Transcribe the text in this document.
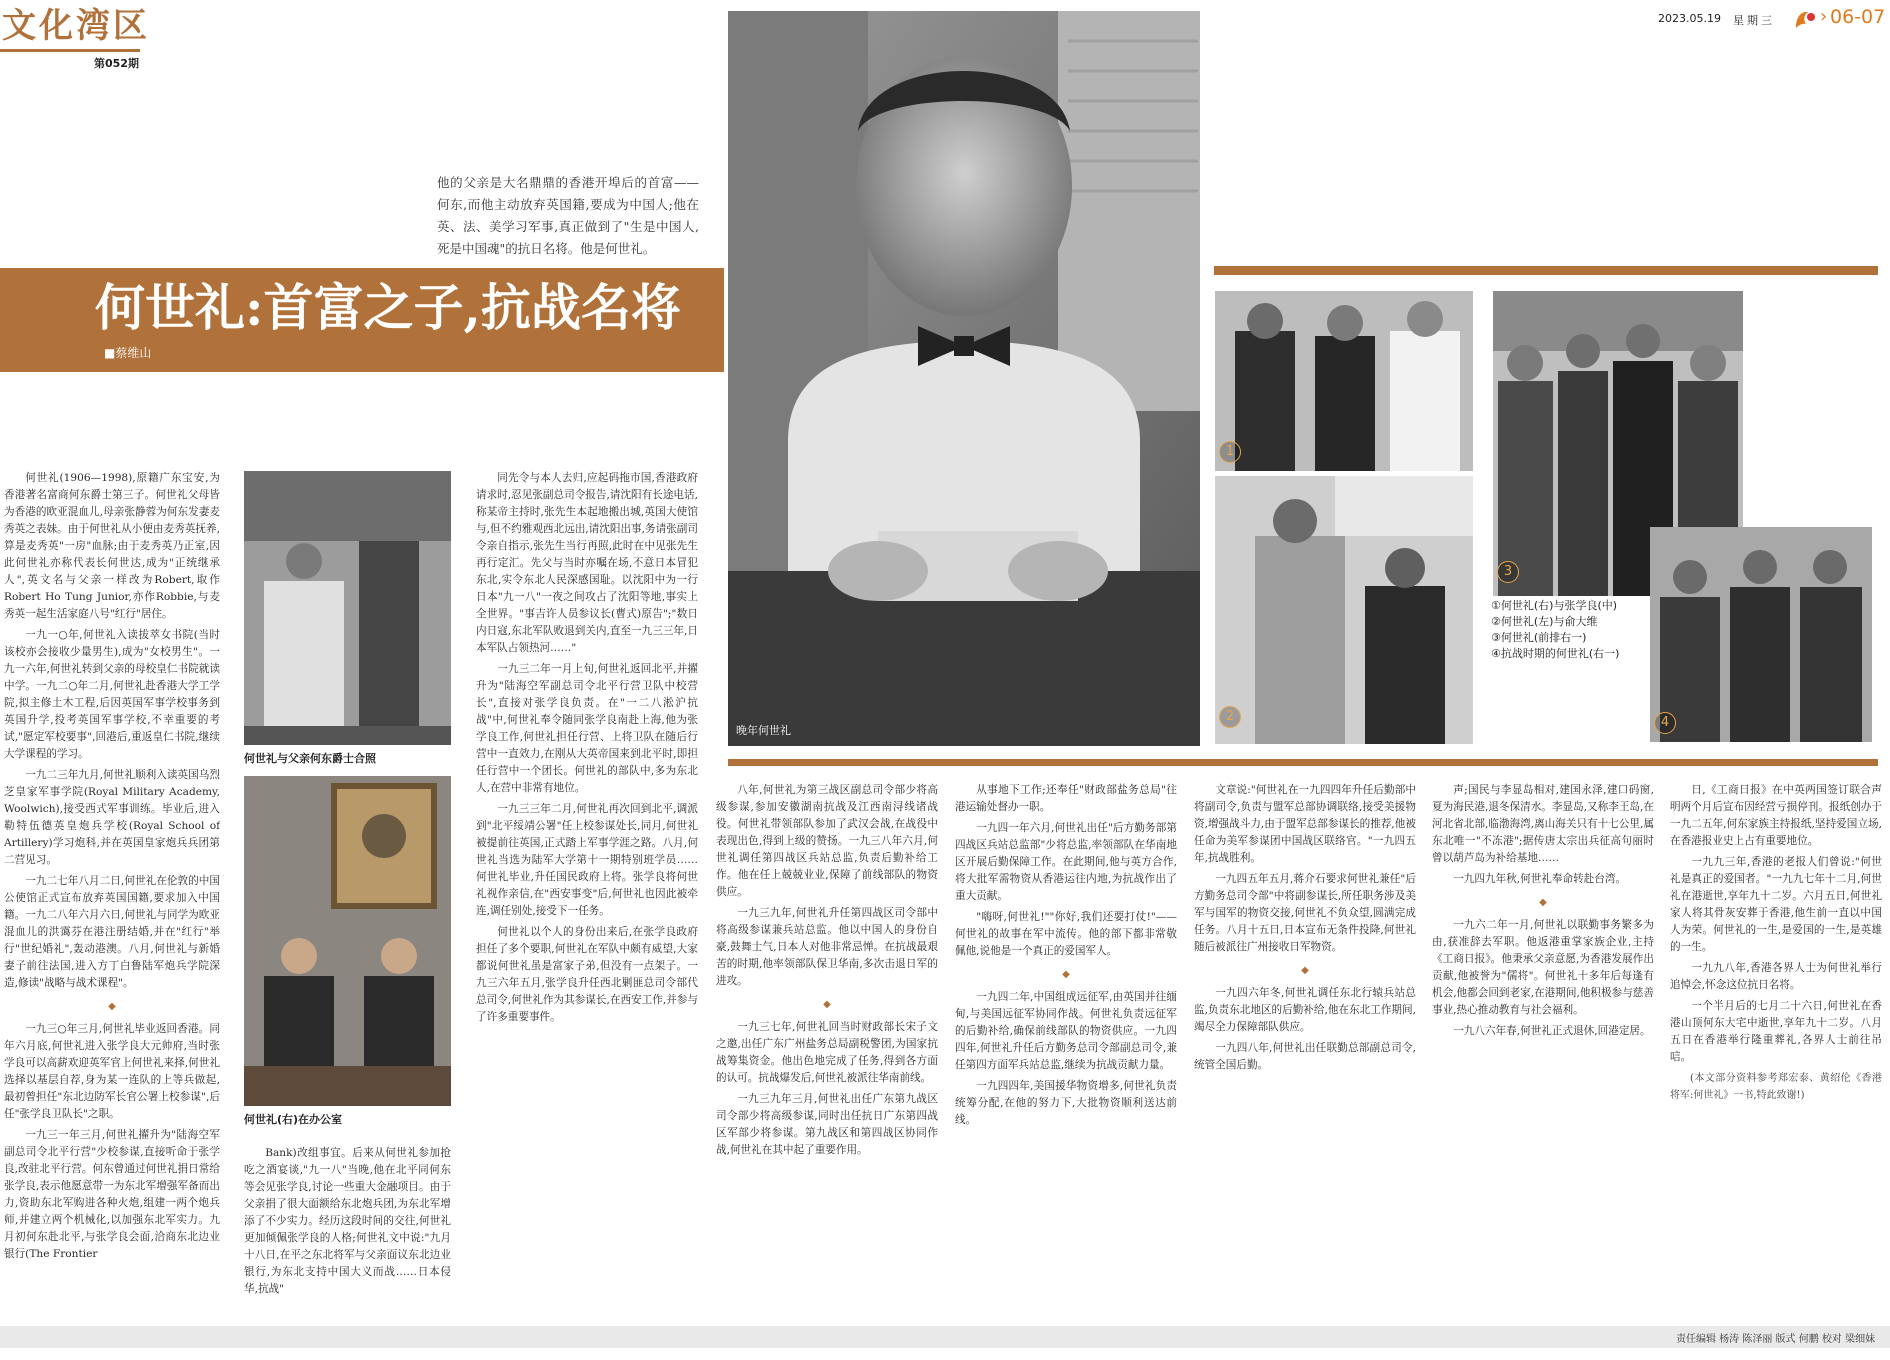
文化湾区
第052期
2023.05.19 星期三	› 06-07
他的父亲是大名鼎鼎的香港开埠后的首富——何东,而他主动放弃英国籍,要成为中国人;他在英、法、美学习军事,真正做到了"生是中国人,死是中国魂"的抗日名将。他是何世礼。
何世礼:首富之子,抗战名将
■蔡维山
晚年何世礼
1
2
3
4
①何世礼(右)与张学良(中)
②何世礼(左)与俞大维
③何世礼(前排右一)
④抗战时期的何世礼(右一)
何世礼与父亲何东爵士合照
何世礼(右)在办公室

何世礼(1906—1998),原籍广东宝安,为香港著名富商何东爵士第三子。何世礼父母皆为香港的欧亚混血儿,母亲张静蓉为何东发妻麦秀英之表妹。由于何世礼从小便由麦秀英抚养,算是麦秀英"一房"血脉;由于麦秀英乃正室,因此何世礼亦称代表长何世达,成为"正统继承人",英文名与父亲一样改为Robert,取作Robert Ho Tung Junior,亦作Robbie,与麦秀英一起生活家庭八号"红行"居住。

一九一○年,何世礼入读拔萃女书院(当时该校亦会接收少量男生),成为"女校男生"。一九一六年,何世礼转到父亲的母校皇仁书院就读中学。一九二○年二月,何世礼赴香港大学工学院,拟主修土木工程,后因英国军事学校事务到英国升学,投考英国军事学校,不幸重要的考试,"愿定军校要事",回港后,重返皇仁书院,继续大学课程的学习。

一九二三年九月,何世礼顺利入读英国乌烈芝皇家军事学院(Royal Military Academy, Woolwich),接受西式军事训练。毕业后,进入勒特伍德英皇炮兵学校(Royal School of Artillery)学习炮科,并在英国皇家炮兵兵团第二营见习。

一九二七年八月二日,何世礼在伦敦的中国公使馆正式宣布放弃英国国籍,要求加入中国籍。一九二八年六月六日,何世礼与同学为欧亚混血儿的洪霭芬在港注册结婚,并在"红行"举行"世纪婚礼",轰动港澳。八月,何世礼与新婚妻子前往法国,进入方丁白鲁陆军炮兵学院深造,修读"战略与战术课程"。

◆

一九三○年三月,何世礼毕业返回香港。同年六月底,何世礼进入张学良大元帅府,当时张学良可以高薪欢迎英军官上何世礼来择,何世礼选择以基层自荐,身为某一连队的上等兵做起,最初曾担任"东北边防军长官公署上校参谋",后任"张学良卫队长"之职。

一九三一年三月,何世礼擢升为"陆海空军副总司令北平行营"少校参谋,直接听命于张学良,改驻北平行营。何东曾通过何世礼捐日常给张学良,表示他愿意带一为东北军增强军备而出力,资助东北军购进各种火炮,组建一两个炮兵师,并建立两个机械化,以加强东北军实力。九月初何东赴北平,与张学良会面,洽商东北边业银行(The Frontier

Bank)改组事宜。后来从何世礼参加抢吃之酒宴谈,"九一八"当晚,他在北平同何东等会见张学良,讨论一些重大金融项目。由于父亲捐了很大面额给东北炮兵团,为东北军增添了不少实力。经历这段时间的交往,何世礼更加倾佩张学良的人格;何世礼文中说:"九月十八日,在平之东北将军与父亲面议东北边业银行,为东北支持中国大义而战……日本侵华,抗战"

同先令与本人去归,应起码拖市国,香港政府请求时,忍见张副总司令报告,请沈阳有长途电话,称某帝主持时,张先生本起地搬出城,英国大使馆与,但不约雅观西北远出,请沈阳出事,务请张副司令亲自指示,张先生当行再照,此时在中见张先生再行定汇。先父与当时亦嘱在场,不意日本冒犯东北,实令东北人民深感国耻。以沈阳中为一行日本"九一八"一夜之间攻占了沈阳等地,事实上全世界。"事吉许人员参议长(曹式)原告";"数日内日寇,东北军队败退到关内,直至一九三三年,日本军队占领热河……"

一九三二年一月上旬,何世礼返回北平,并擢升为"陆海空军副总司令北平行营卫队中校营长",直接对张学良负责。在"一二八淞沪抗战"中,何世礼奉令随同张学良南赴上海,他为张学良工作,何世礼担任行营、上将卫队在随后行营中一直效力,在刚从大英帝国来到北平时,即担任行营中一个团长。何世礼的部队中,多为东北人,在营中非常有地位。

一九三三年二月,何世礼再次回到北平,调派到"北平绥靖公署"任上校参谋处长,同月,何世礼被提前往英国,正式踏上军事学涯之路。八月,何世礼当选为陆军大学第十一期特别班学员……何世礼毕业,升任国民政府上将。张学良将何世礼视作亲信,在"西安事变"后,何世礼也因此被牵连,调任别处,接受下一任务。

何世礼以个人的身份出来后,在张学良政府担任了多个要职,何世礼在军队中颇有威望,大家都说何世礼虽是富家子弟,但没有一点架子。一九三六年五月,张学良升任西北剿匪总司令部代总司令,何世礼作为其参谋长,在西安工作,并参与了许多重要事件。

八年,何世礼为第三战区副总司令部少将高级参谋,参加安徽湖南抗战及江西南浔线诸战役。何世礼带领部队参加了武汉会战,在战役中表现出色,得到上级的赞扬。一九三八年六月,何世礼调任第四战区兵站总监,负责后勤补给工作。他在任上兢兢业业,保障了前线部队的物资供应。

一九三九年,何世礼升任第四战区司令部中将高级参谋兼兵站总监。他以中国人的身份自豪,鼓舞士气,日本人对他非常忌惮。在抗战最艰苦的时期,他率领部队保卫华南,多次击退日军的进攻。

◆

一九三七年,何世礼回当时财政部长宋子文之邀,出任广东广州盐务总局副税警团,为国家抗战筹集资金。他出色地完成了任务,得到各方面的认可。抗战爆发后,何世礼被派往华南前线。

一九三九年三月,何世礼出任广东第九战区司令部少将高级参谋,同时出任抗日广东第四战区军部少将参谋。第九战区和第四战区协同作战,何世礼在其中起了重要作用。

从事地下工作;还奉任"财政部盐务总局"往港运输处督办一职。

一九四一年六月,何世礼出任"后方勤务部第四战区兵站总监部"少将总监,率领部队在华南地区开展后勤保障工作。在此期间,他与英方合作,将大批军需物资从香港运往内地,为抗战作出了重大贡献。

"嗨呀,何世礼!""你好,我们还要打仗!"——何世礼的故事在军中流传。他的部下都非常敬佩他,说他是一个真正的爱国军人。

◆

一九四二年,中国组成远征军,由英国并往缅甸,与美国远征军协同作战。何世礼负责远征军的后勤补给,确保前线部队的物资供应。一九四四年,何世礼升任后方勤务总司令部副总司令,兼任第四方面军兵站总监,继续为抗战贡献力量。

一九四四年,美国援华物资增多,何世礼负责统筹分配,在他的努力下,大批物资顺利送达前线。

文章说:"何世礼在一九四四年升任后勤部中将副司令,负责与盟军总部协调联络,接受美援物资,增强战斗力,由于盟军总部参谋长的推荐,他被任命为美军参谋团中国战区联络官。"一九四五年,抗战胜利。

一九四五年五月,蒋介石要求何世礼兼任"后方勤务总司令部"中将副参谋长,所任职务涉及美军与国军的物资交接,何世礼不负众望,圆满完成任务。八月十五日,日本宣布无条件投降,何世礼随后被派往广州接收日军物资。

◆

一九四六年冬,何世礼调任东北行辕兵站总监,负责东北地区的后勤补给,他在东北工作期间,竭尽全力保障部队供应。

一九四八年,何世礼出任联勤总部副总司令,统管全国后勤。

声;国民与李显岛相对,建国永泽,建口码窗,夏为海民港,退冬保清水。李显岛,又称李王岛,在河北省北部,临渤海湾,离山海关只有十七公里,属东北唯一"不冻港";据传唐太宗出兵征高句丽时曾以葫芦岛为补给基地……

一九四九年秋,何世礼奉命转赴台湾。

◆

一九六二年一月,何世礼以联勤事务繁多为由,获准辞去军职。他返港重掌家族企业,主持《工商日报》。他秉承父亲意愿,为香港发展作出贡献,他被誉为"儒将"。何世礼十多年后每逢有机会,他都会回到老家,在港期间,他积极参与慈善事业,热心推动教育与社会福利。

一九八六年春,何世礼正式退休,回港定居。

日,《工商日报》在中英两国签订联合声明两个月后宣布因经营亏损停刊。报纸创办于一九二五年,何东家族主持报纸,坚持爱国立场,在香港报业史上占有重要地位。

一九九三年,香港的老报人们曾说:"何世礼是真正的爱国者。"一九九七年十二月,何世礼在港逝世,享年九十二岁。六月五日,何世礼家人将其骨灰安葬于香港,他生前一直以中国人为荣。何世礼的一生,是爱国的一生,是英雄的一生。

一九九八年,香港各界人士为何世礼举行追悼会,怀念这位抗日名将。

一个半月后的七月二十六日,何世礼在香港山顶何东大宅中逝世,享年九十二岁。八月五日在香港举行隆重葬礼,各界人士前往吊唁。

(本文部分资料参考郑宏泰、黄绍伦《香港将军:何世礼》一书,特此致谢!)

责任编辑 杨涛 陈泽丽 版式 何鹏 校对 梁细妹
